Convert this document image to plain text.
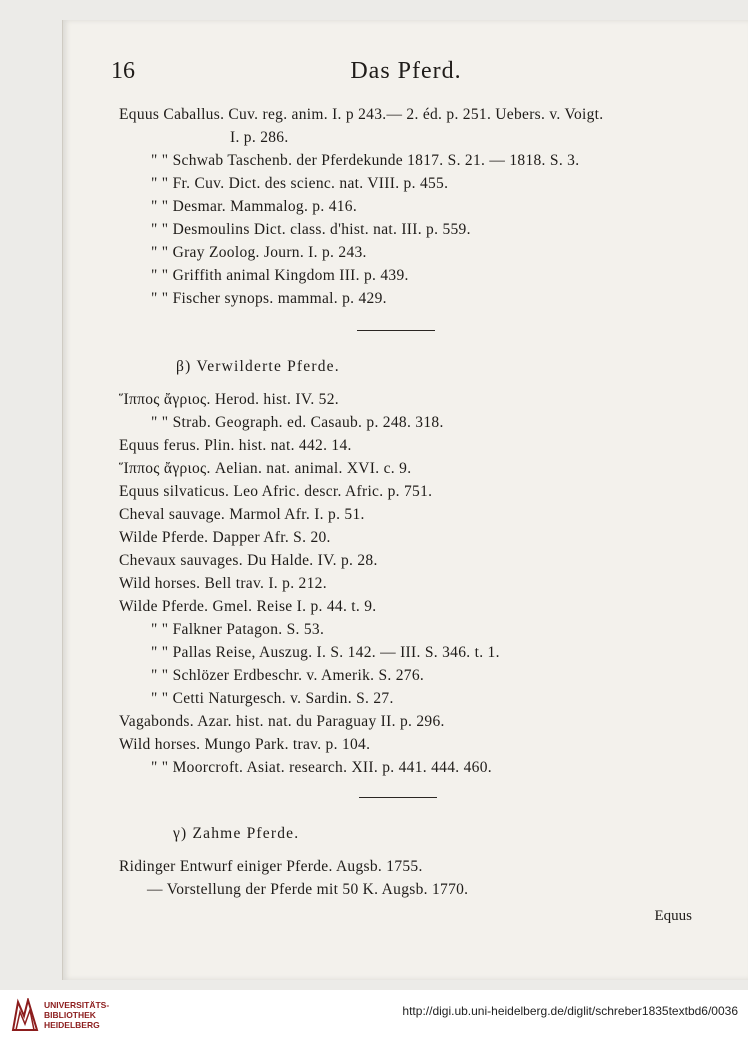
16	Das Pferd.
Equus Caballus. Cuv. reg. anim. I. p 243.— 2. éd. p. 251. Uebers. v. Voigt.
I. p. 286.
" " Schwab Taschenb. der Pferdekunde 1817. S. 21. — 1818. S. 3.
" " Fr. Cuv. Dict. des scienc. nat. VIII. p. 455.
" " Desmar. Mammalog. p. 416.
" " Desmoulins Dict. class. d'hist. nat. III. p. 559.
" " Gray Zoolog. Journ. I. p. 243.
" " Griffith animal Kingdom III. p. 439.
" " Fischer synops. mammal. p. 429.
β) Verwilderte Pferde.
Ἵππος ἄγριος. Herod. hist. IV. 52.
" " Strab. Geograph. ed. Casaub. p. 248. 318.
Equus ferus. Plin. hist. nat. 442. 14.
Ἵππος ἄγριος. Aelian. nat. animal. XVI. c. 9.
Equus silvaticus. Leo Afric. descr. Afric. p. 751.
Cheval sauvage. Marmol Afr. I. p. 51.
Wilde Pferde. Dapper Afr. S. 20.
Chevaux sauvages. Du Halde. IV. p. 28.
Wild horses. Bell trav. I. p. 212.
Wilde Pferde. Gmel. Reise I. p. 44. t. 9.
" " Falkner Patagon. S. 53.
" " Pallas Reise, Auszug. I. S. 142. — III. S. 346. t. 1.
" " Schlözer Erdbeschr. v. Amerik. S. 276.
" " Cetti Naturgesch. v. Sardin. S. 27.
Vagabonds. Azar. hist. nat. du Paraguay II. p. 296.
Wild horses. Mungo Park. trav. p. 104.
" " Moorcroft. Asiat. research. XII. p. 441. 444. 460.
γ) Zahme Pferde.
Ridinger Entwurf einiger Pferde. Augsb. 1755.
— Vorstellung der Pferde mit 50 K. Augsb. 1770.
Equus
UNIVERSITÄTS-
BIBLIOTHEK
HEIDELBERG
http://digi.ub.uni-heidelberg.de/diglit/schreber1835textbd6/0036
